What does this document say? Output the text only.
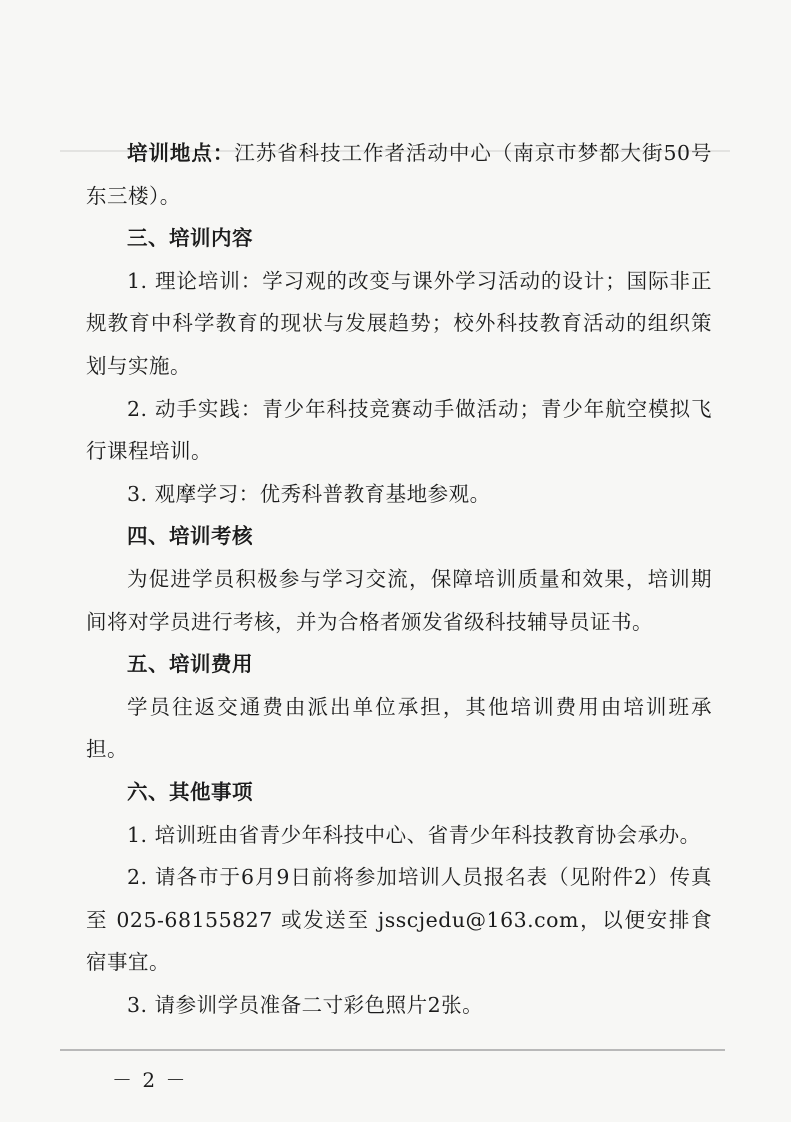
培训地点：江苏省科技工作者活动中心（南京市梦都大街50号东三楼）。

三、培训内容

1. 理论培训：学习观的改变与课外学习活动的设计；国际非正规教育中科学教育的现状与发展趋势；校外科技教育活动的组织策划与实施。

2. 动手实践：青少年科技竞赛动手做活动；青少年航空模拟飞行课程培训。

3. 观摩学习：优秀科普教育基地参观。

四、培训考核

为促进学员积极参与学习交流，保障培训质量和效果，培训期间将对学员进行考核，并为合格者颁发省级科技辅导员证书。

五、培训费用

学员往返交通费由派出单位承担，其他培训费用由培训班承担。

六、其他事项

1. 培训班由省青少年科技中心、省青少年科技教育协会承办。

2. 请各市于6月9日前将参加培训人员报名表（见附件2）传真至 025-68155827 或发送至 jsscjedu@163.com，以便安排食宿事宜。

3. 请参训学员准备二寸彩色照片2张。

－ 2 －
